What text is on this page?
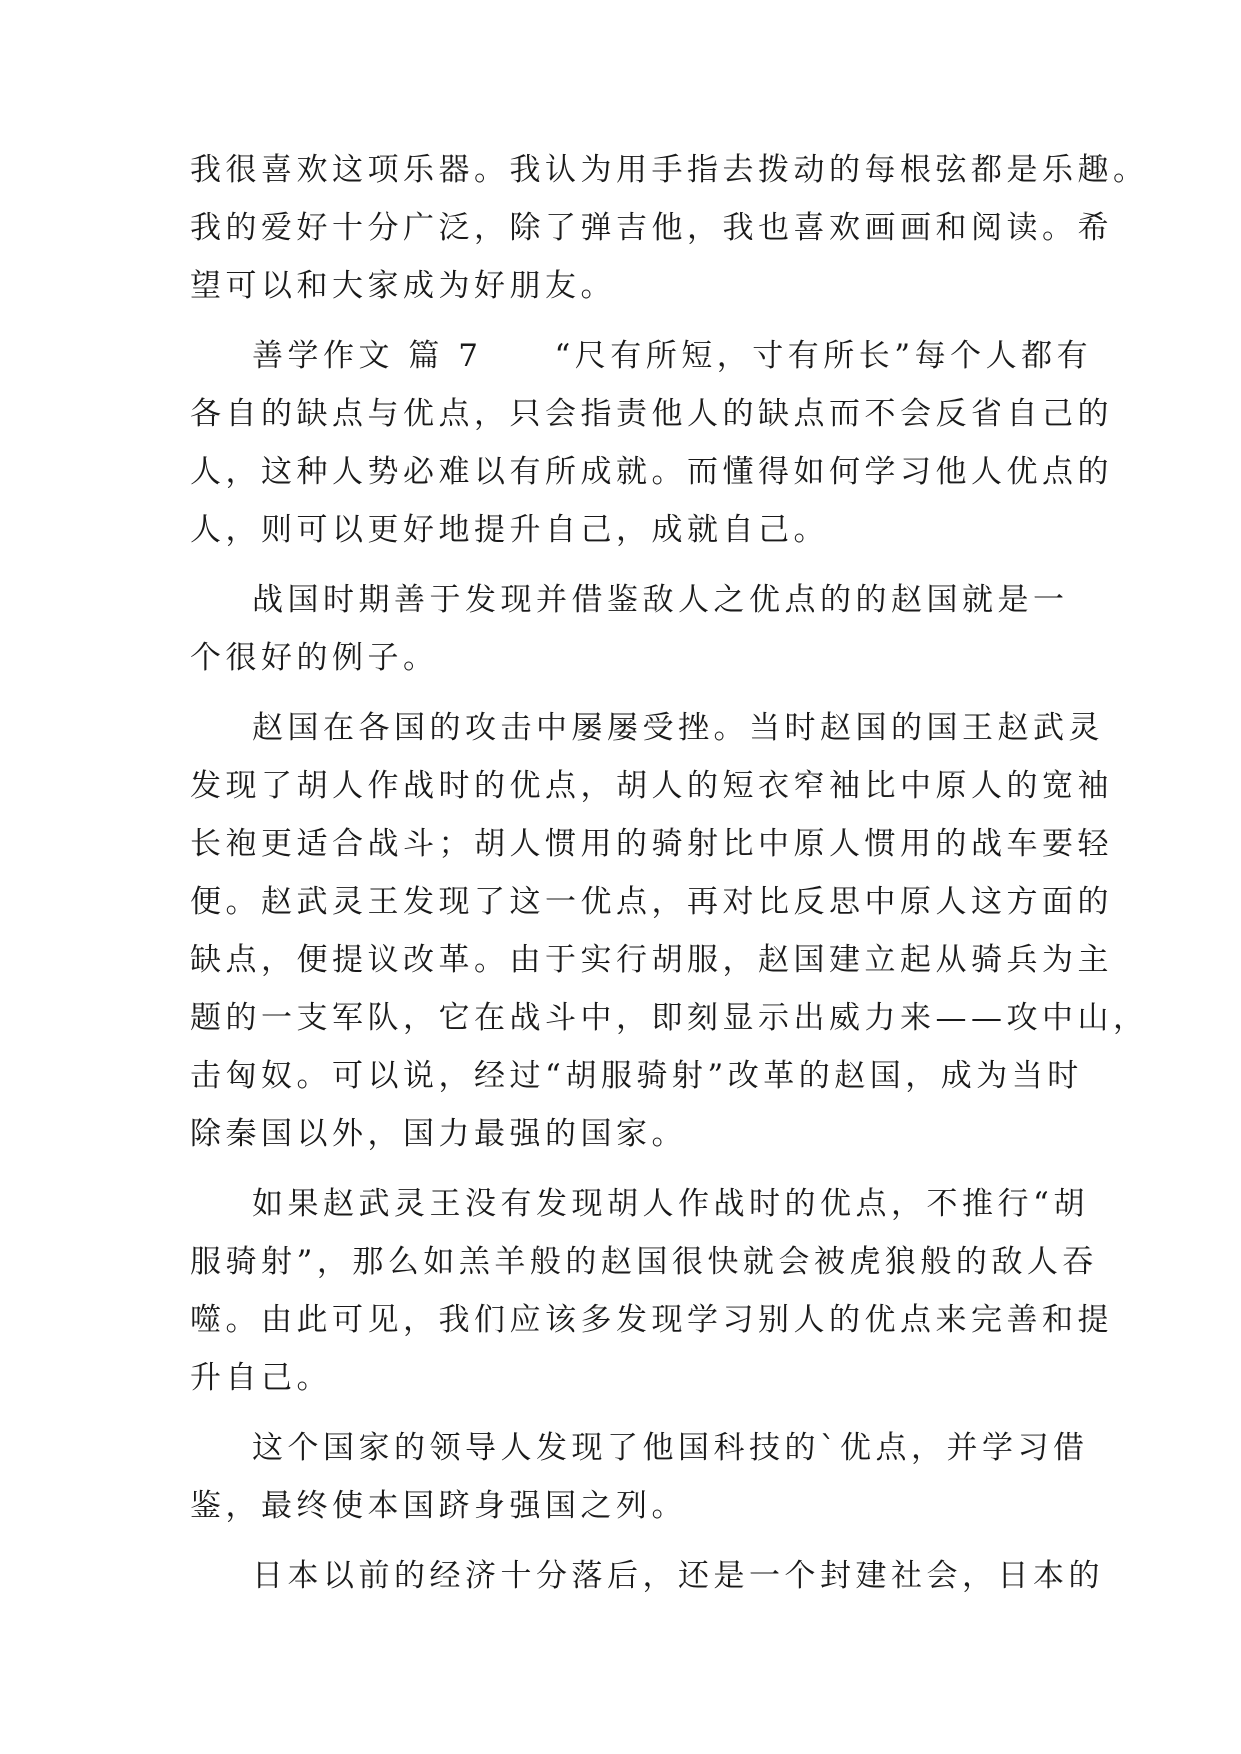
我很喜欢这项乐器。我认为用手指去拨动的每根弦都是乐趣。
我的爱好十分广泛，除了弹吉他，我也喜欢画画和阅读。希
望可以和大家成为好朋友。
善学作文 篇 7 “尺有所短，寸有所长”每个人都有
各自的缺点与优点，只会指责他人的缺点而不会反省自己的
人，这种人势必难以有所成就。而懂得如何学习他人优点的
人，则可以更好地提升自己，成就自己。
战国时期善于发现并借鉴敌人之优点的的赵国就是一
个很好的例子。
赵国在各国的攻击中屡屡受挫。当时赵国的国王赵武灵
发现了胡人作战时的优点，胡人的短衣窄袖比中原人的宽袖
长袍更适合战斗；胡人惯用的骑射比中原人惯用的战车要轻
便。赵武灵王发现了这一优点，再对比反思中原人这方面的
缺点，便提议改革。由于实行胡服，赵国建立起从骑兵为主
题的一支军队，它在战斗中，即刻显示出威力来——攻中山，
击匈奴。可以说，经过“胡服骑射”改革的赵国，成为当时
除秦国以外，国力最强的国家。
如果赵武灵王没有发现胡人作战时的优点，不推行“胡
服骑射”，那么如羔羊般的赵国很快就会被虎狼般的敌人吞
噬。由此可见，我们应该多发现学习别人的优点来完善和提
升自己。
这个国家的领导人发现了他国科技的`优点，并学习借
鉴，最终使本国跻身强国之列。
日本以前的经济十分落后，还是一个封建社会，日本的
